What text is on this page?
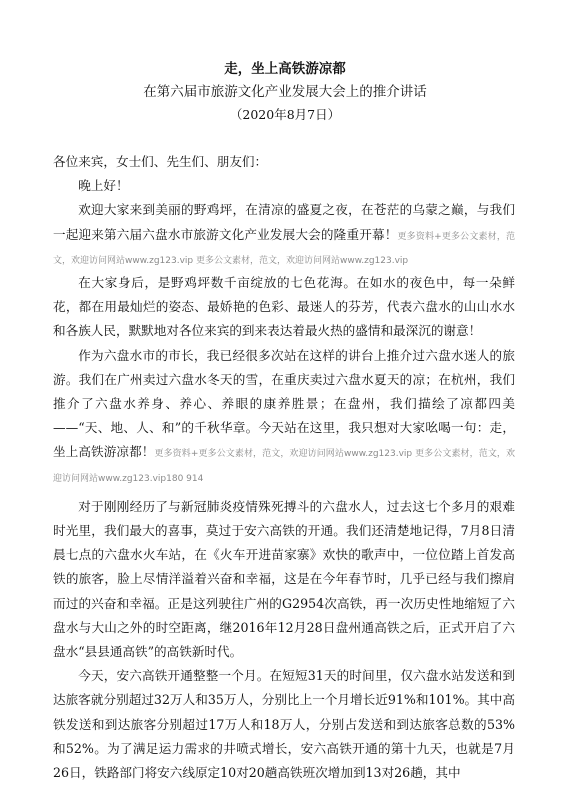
走，坐上高铁游凉都
在第六届市旅游文化产业发展大会上的推介讲话
（2020年8月7日）

各位来宾，女士们、先生们、朋友们：

晚上好！

欢迎大家来到美丽的野鸡坪，在清凉的盛夏之夜，在苍茫的乌蒙之巅，与我们一起迎来第六届六盘水市旅游文化产业发展大会的隆重开幕！更多资料+更多公文素材，范文，欢迎访问网站www.zg123.vip 更多公文素材，范文，欢迎访问网站www.zg123.vip

在大家身后，是野鸡坪数千亩绽放的七色花海。在如水的夜色中，每一朵鲜花，都在用最灿烂的姿态、最娇艳的色彩、最迷人的芬芳，代表六盘水的山山水水和各族人民，默默地对各位来宾的到来表达着最火热的盛情和最深沉的谢意！

作为六盘水市的市长，我已经很多次站在这样的讲台上推介过六盘水迷人的旅游。我们在广州卖过六盘水冬天的雪，在重庆卖过六盘水夏天的凉；在杭州，我们推介了六盘水养身、养心、养眼的康养胜景；在盘州，我们描绘了凉都四美——“天、地、人、和”的千秋华章。今天站在这里，我只想对大家吆喝一句：走，坐上高铁游凉都！更多资料+更多公文素材，范文，欢迎访问网站www.zg123.vip 更多公文素材，范文，欢迎访问网站www.zg123.vip180 914

对于刚刚经历了与新冠肺炎疫情殊死搏斗的六盘水人，过去这七个多月的艰难时光里，我们最大的喜事，莫过于安六高铁的开通。我们还清楚地记得，7月8日清晨七点的六盘水火车站，在《火车开进苗家寨》欢快的歌声中，一位位踏上首发高铁的旅客，脸上尽情洋溢着兴奋和幸福，这是在今年春节时，几乎已经与我们擦肩而过的兴奋和幸福。正是这列驶往广州的G2954次高铁，再一次历史性地缩短了六盘水与大山之外的时空距离，继2016年12月28日盘州通高铁之后，正式开启了六盘水“县县通高铁”的高铁新时代。

今天，安六高铁开通整整一个月。在短短31天的时间里，仅六盘水站发送和到达旅客就分别超过32万人和35万人，分别比上一个月增长近91%和101%。其中高铁发送和到达旅客分别超过17万人和18万人，分别占发送和到达旅客总数的53%和52%。为了满足运力需求的井喷式增长，安六高铁开通的第十九天，也就是7月26日，铁路部门将安六线原定10对20趟高铁班次增加到13对26趟，其中
